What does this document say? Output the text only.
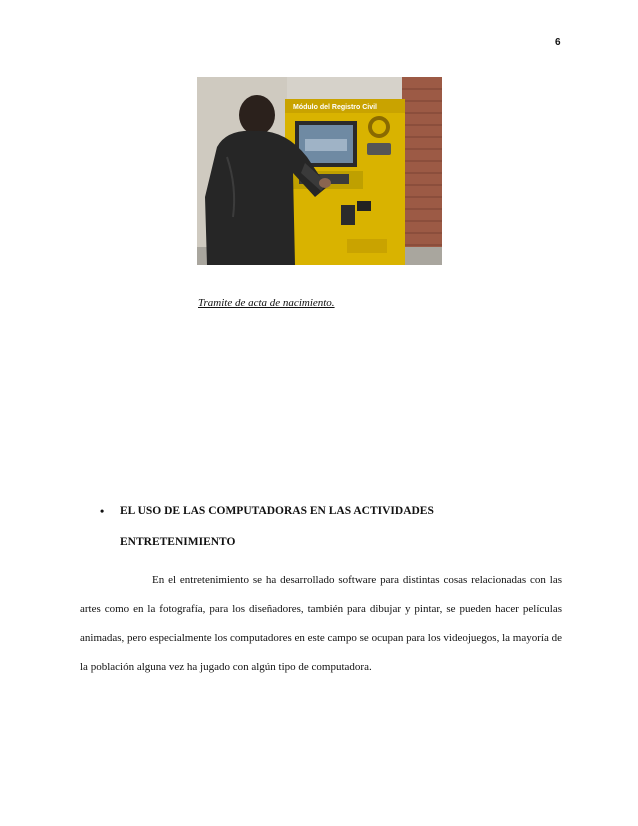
6
Módulo del Registro Civil
Tramite de acta de nacimiento.
• EL USO DE LAS COMPUTADORAS EN LAS ACTIVIDADES
ENTRETENIMIENTO
En el entretenimiento se ha desarrollado software para distintas cosas relacionadas con las artes como en la fotografía, para los diseñadores, también para dibujar y pintar, se pueden hacer películas animadas, pero especialmente los computadores en este campo se ocupan para los videojuegos, la mayoría de la población alguna vez ha jugado con algún tipo de computadora.
